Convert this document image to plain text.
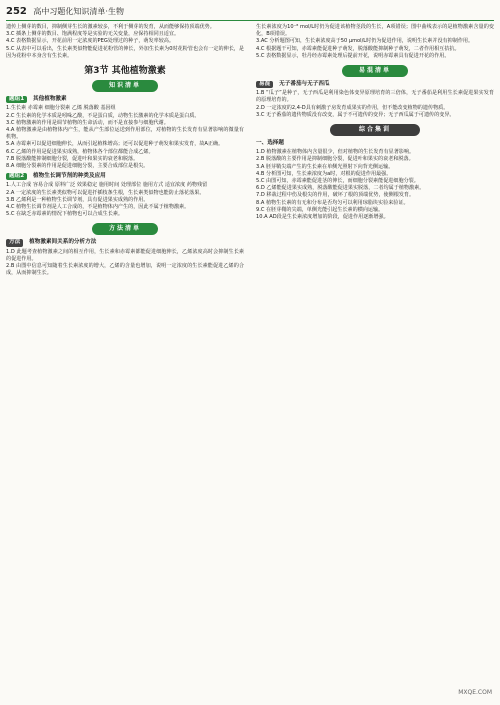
252 高中习题化知识清单·生物

遗传上侧芽的数目，抑制侧芽生长的激素较多，不利于侧芽的发育，从而能够保持顶端优势。

3.C 插条上侧芽的数目、饱满程度等是实验的无关变量，应保持相同且适宜。

4.C 表格数据显示，开花前用一定浓度的PEG处理过的种子，萌发率较高。

5.C 从表中可以看出，生长素类似物能促进花粉管的伸长，外加生长素为0时花粉管也会有一定的伸长，是因为花粉中本身含有生长素。

第3节 其他植物激素
知识清单
题组1 其他植物激素

1.生长素 赤霉素 细胞分裂素 乙烯 脱落酸 基因组

2.C 生长素的化学本质是吲哚乙酸，不是蛋白质，动物生长激素的化学本质是蛋白质。

3.C 植物激素的作用是调节植物的生命活动，而不是直接参与细胞代谢。

4.A 植物激素是由植物体内产生，能从产生部位运送到作用部位，对植物的生长发育有显著影响的微量有机物。

5.A 赤霉素可以促进细胞伸长，从而引起植株增高；还可以促进种子萌发和果实发育，故A正确。

6.C 乙烯的作用是促进果实成熟，植物体各个部位都能合成乙烯。

7.B 脱落酸能抑制细胞分裂，促进叶和果实的衰老和脱落。

8.A 细胞分裂素的作用是促进细胞分裂，主要合成部位是根尖。

题组2 植物生长调节剂的种类及应用

1.人工合成 容易合成 原料广泛 效果稳定 施用时间 处理部位 施用方式 适宜浓度 药物残留

2.A 一定浓度的生长素类似物可以促进扦插枝条生根，生长素类似物也能防止落花落果。

3.B 乙烯利是一种植物生长调节剂，具有促进果实成熟的作用。

4.C 植物生长调节剂是人工合成的，不是植物体内产生的，因此不属于植物激素。

5.C 在缺乏赤霉素的情况下植物也可以合成生长素。

方法清单
方法 植物激素间关系的分析方法

1.D 此题考查植物激素之间的相互作用，生长素和赤霉素都能促进细胞伸长，乙烯浓度高时会抑制生长素的促进作用。

2.B 由图中信息可知随着生长素浓度的增大，乙烯的含量也增加，说明一定浓度的生长素能促进乙烯的合成，从而抑制生长。

生长素浓度为10⁻⁸ mol/L时仍为促进该植物茎段的生长，A项错误；图中曲线表示的是植物激素含量的变化，B项错误。

3.AC 分析题图可知，生长素浓度高于50 μmol/L时仍为促进作用，说明生长素并没有抑制作用。

4.C 根据题干可知，赤霉素能促进种子萌发，脱落酸能抑制种子萌发，二者作用相互拮抗。

5.C 表格数据显示，牡丹经赤霉素处理后提前开花，说明赤霉素具有促进开花的作用。

易混清单
易混 无子番茄与无子西瓜

1.B “瓜子”是种子，无子西瓜是利用染色体变异原理培育的三倍体，无子番茄是利用生长素促进果实发育的原理培育的。

2.D 一定浓度的2,4-D具有刺激子房发育成果实的作用，但不能改变植物的遗传物质。

3.C 无子番茄的遗传物质没有改变，属于不可遗传的变异；无子西瓜属于可遗传的变异。

综合集训
一、选择题

1.D 植物激素在植物体内含量很少，但对植物的生长发育有显著影响。

2.B 脱落酸的主要作用是抑制细胞分裂，促进叶和果实的衰老和脱落。

3.A 胚芽鞘尖端产生的生长素在单侧光照射下向背光侧运输。

4.B 分析图可知，生长素浓度为a时，对根的促进作用最强。

5.C 由图可知，赤霉素能促进茎的伸长，而细胞分裂素能促进细胞分裂。

6.D 乙烯能促进果实成熟，脱落酸能促进果实脱落，二者均属于植物激素。

7.D 移栽过程中伤及根尖的作用，破坏了根的顶端优势，使侧根发育。

8.A 植物生长素的有无和分布是否均匀可以利用琼脂块实验来验证。

9.C 在胚芽鞘的尖端，单侧光能引起生长素的横向运输。

10.A AD段是生长素浓度增加的阶段，促进作用逐渐增强。

MXQE.COM
